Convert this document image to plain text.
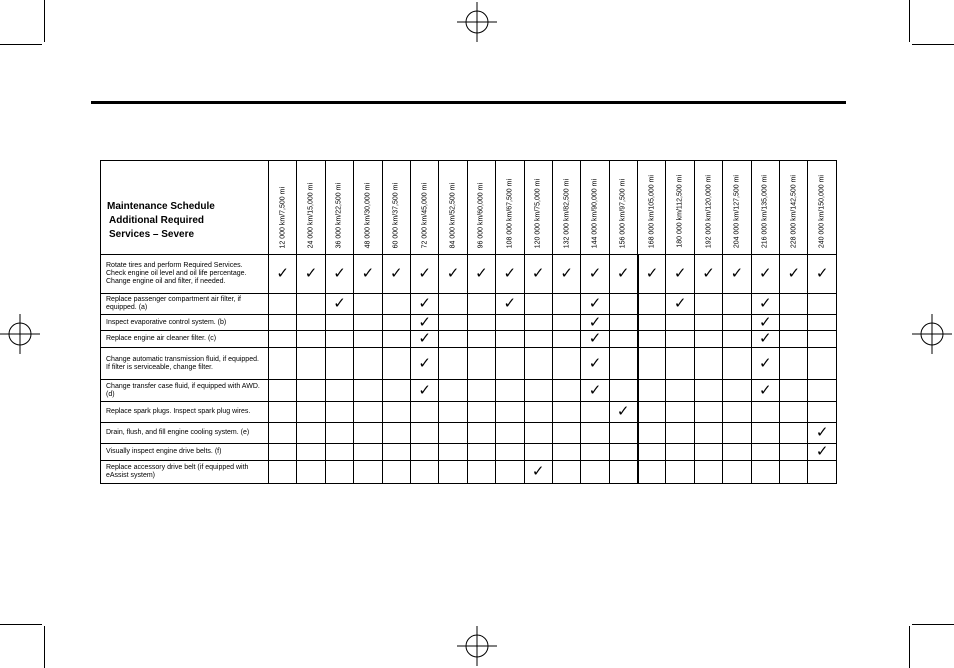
Maintenance Schedule
Additional Required
Services – Severe	12 000 km/7,500 mi	24 000 km/15,000 mi	36 000 km/22,500 mi	48 000 km/30,000 mi	60 000 km/37,500 mi	72 000 km/45,000 mi	84 000 km/52,500 mi	96 000 km/60,000 mi	108 000 km/67,500 mi	120 000 km/75,000 mi	132 000 km/82,500 mi	144 000 km/90,000 mi	156 000 km/97,500 mi	168 000 km/105,000 mi	180 000 km/112,500 mi	192 000 km/120,000 mi	204 000 km/127,500 mi	216 000 km/135,000 mi	228 000 km/142,500 mi	240 000 km/150,000 mi

Rotate tires and perform Required Services. Check engine oil level and oil life percentage. Change engine oil and filter, if needed.	✓	✓	✓	✓	✓	✓	✓	✓	✓	✓	✓	✓	✓	✓	✓	✓	✓	✓	✓	✓
Replace passenger compartment air filter, if equipped. (a)			✓			✓			✓			✓			✓			✓		
Inspect evaporative control system. (b)						✓						✓						✓		
Replace engine air cleaner filter. (c)						✓						✓						✓		
Change automatic transmission fluid, if equipped. If filter is serviceable, change filter.						✓						✓						✓		
Change transfer case fluid, if equipped with AWD. (d)						✓						✓						✓		
Replace spark plugs. Inspect spark plug wires.													✓							
Drain, flush, and fill engine cooling system. (e)																				✓
Visually inspect engine drive belts. (f)																				✓
Replace accessory drive belt (if equipped with eAssist system)										✓										
